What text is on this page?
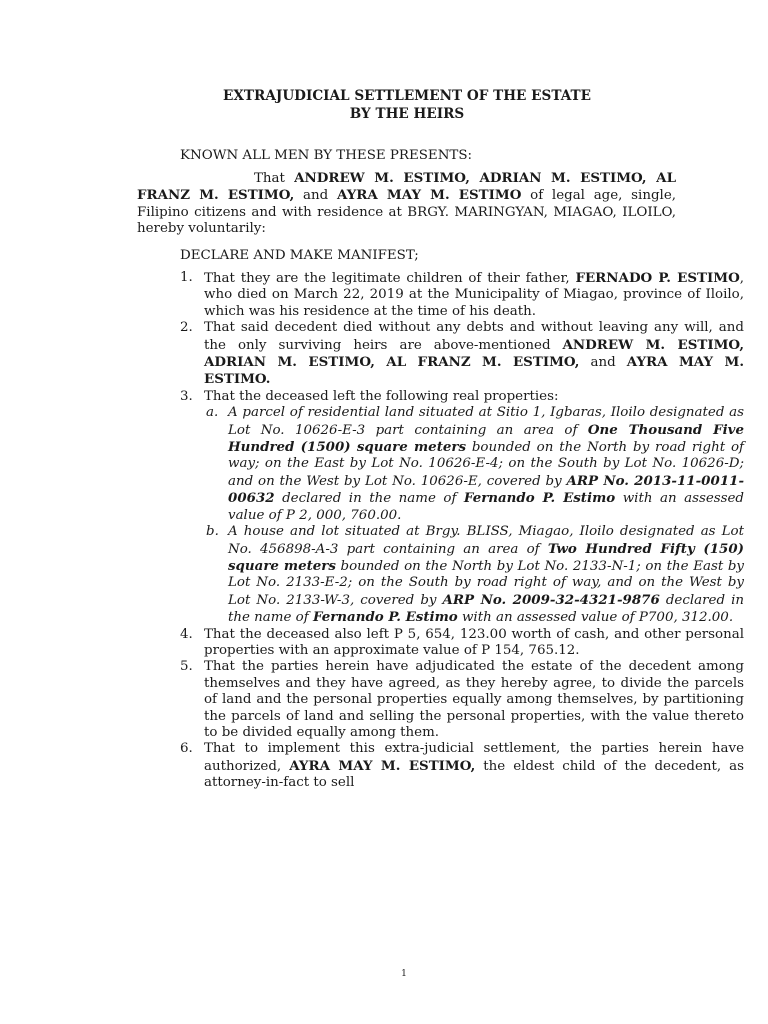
EXTRAJUDICIAL SETTLEMENT OF THE ESTATE
BY THE HEIRS
KNOWN ALL MEN BY THESE PRESENTS:
That ANDREW M. ESTIMO, ADRIAN M. ESTIMO, AL FRANZ M. ESTIMO, and AYRA MAY M. ESTIMO of legal age, single, Filipino citizens and with residence at BRGY. MARINGYAN, MIAGAO, ILOILO, hereby voluntarily:
DECLARE AND MAKE MANIFEST;
1. That they are the legitimate children of their father, FERNADO P. ESTIMO, who died on March 22, 2019 at the Municipality of Miagao, province of Iloilo, which was his residence at the time of his death.
2. That said decedent died without any debts and without leaving any will, and the only surviving heirs are above-mentioned ANDREW M. ESTIMO, ADRIAN M. ESTIMO, AL FRANZ M. ESTIMO, and AYRA MAY M. ESTIMO.
3. That the deceased left the following real properties:
a. A parcel of residential land situated at Sitio 1, Igbaras, Iloilo designated as Lot No. 10626-E-3 part containing an area of One Thousand Five Hundred (1500) square meters bounded on the North by road right of way; on the East by Lot No. 10626-E-4; on the South by Lot No. 10626-D; and on the West by Lot No. 10626-E, covered by ARP No. 2013-11-0011-00632 declared in the name of Fernando P. Estimo with an assessed value of P 2, 000, 760.00.
b. A house and lot situated at Brgy. BLISS, Miagao, Iloilo designated as Lot No. 456898-A-3 part containing an area of Two Hundred Fifty (150) square meters bounded on the North by Lot No. 2133-N-1; on the East by Lot No. 2133-E-2; on the South by road right of way, and on the West by Lot No. 2133-W-3, covered by ARP No. 2009-32-4321-9876 declared in the name of Fernando P. Estimo with an assessed value of P700, 312.00.
4. That the deceased also left P 5, 654, 123.00 worth of cash, and other personal properties with an approximate value of P 154, 765.12.
5. That the parties herein have adjudicated the estate of the decedent among themselves and they have agreed, as they hereby agree, to divide the parcels of land and the personal properties equally among themselves, by partitioning the parcels of land and selling the personal properties, with the value thereto to be divided equally among them.
6. That to implement this extra-judicial settlement, the parties herein have authorized, AYRA MAY M. ESTIMO, the eldest child of the decedent, as attorney-in-fact to sell
1
